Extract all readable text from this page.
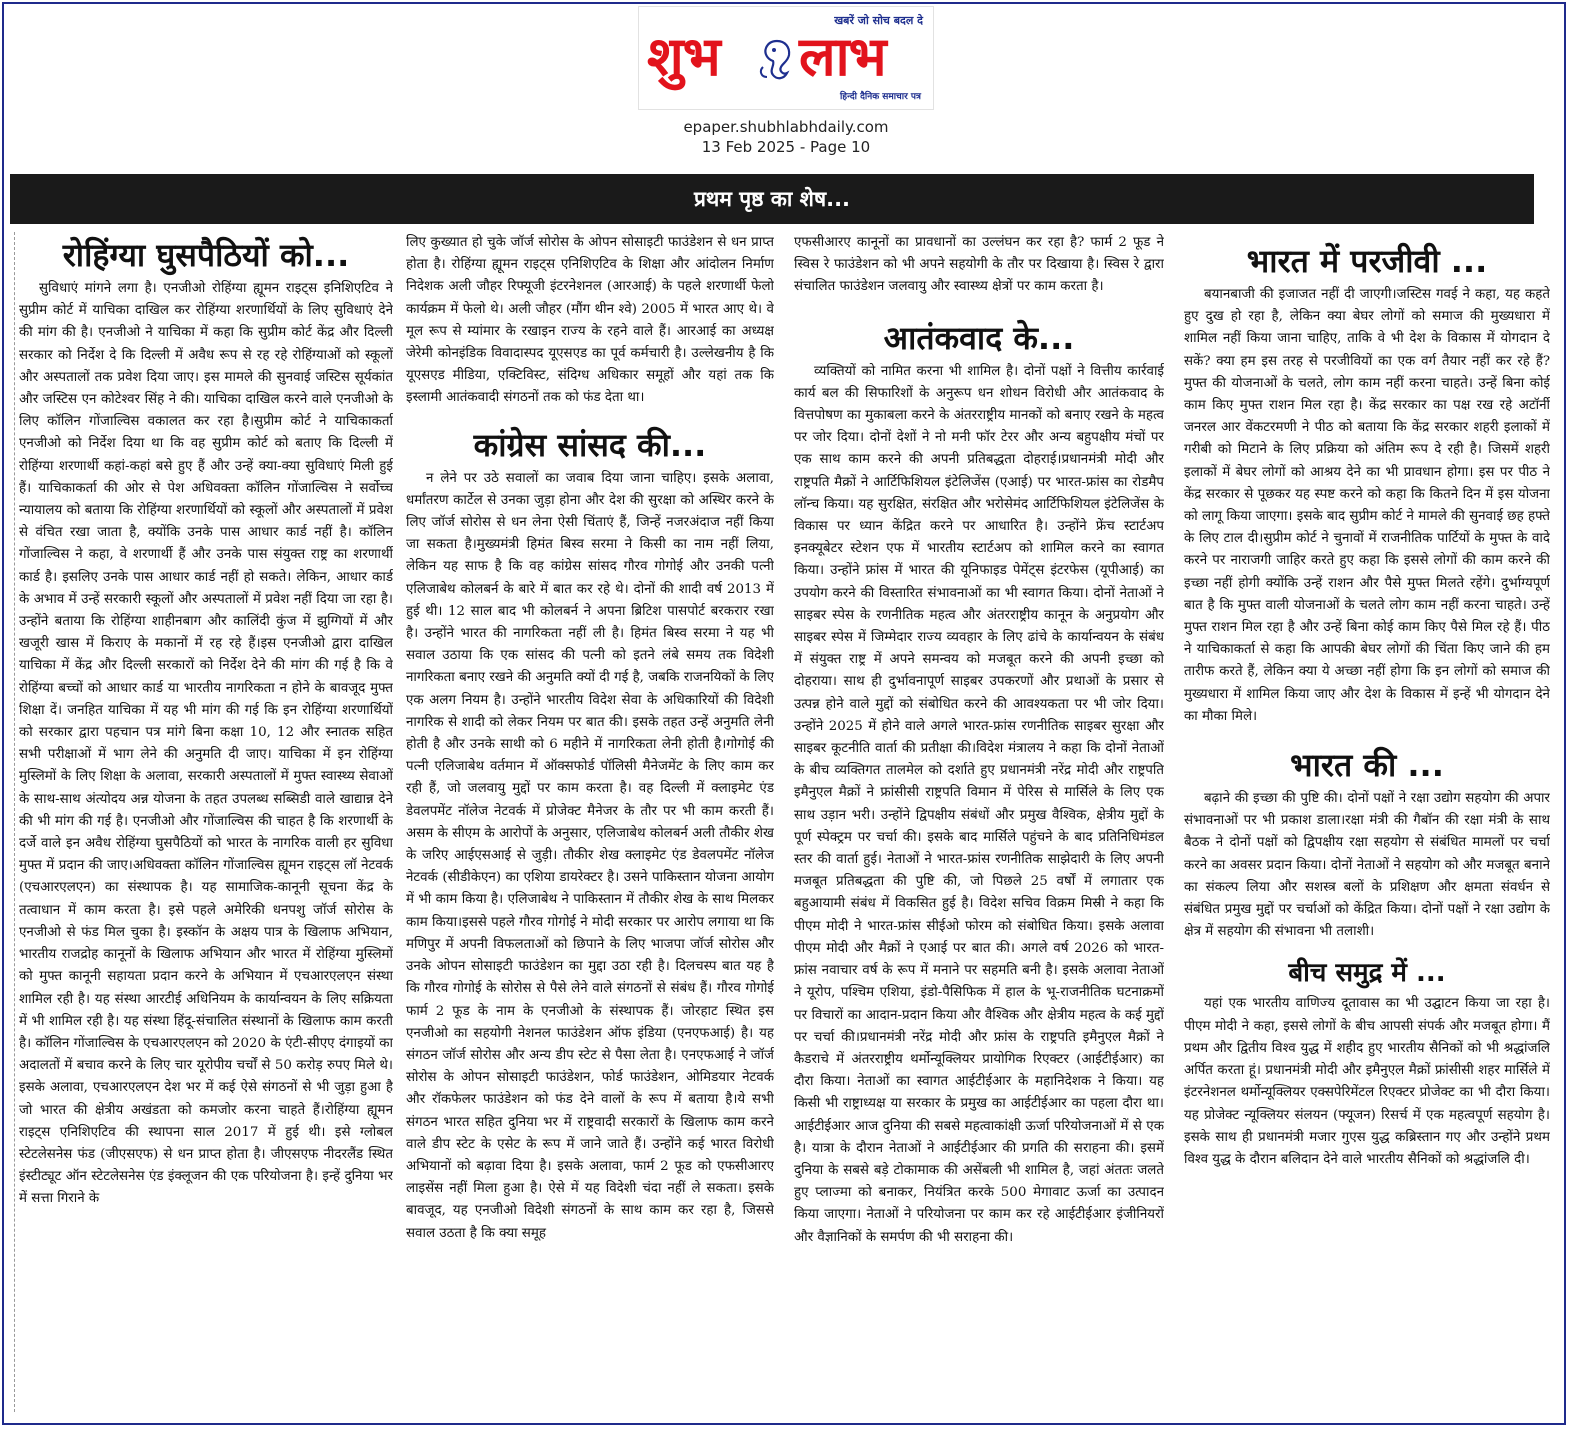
खबरें जो सोच बदल दे
शुभ लाभ
हिन्दी दैनिक समाचार पत्र
epaper.shubhlabhdaily.com
13 Feb 2025 - Page 10
प्रथम पृष्ठ का शेष...
रोहिंग्या घुसपैठियों को...

सुविधाएं मांगने लगा है। एनजीओ रोहिंग्या ह्यूमन राइट्स इनिशिएटिव ने सुप्रीम कोर्ट में याचिका दाखिल कर रोहिंग्या शरणार्थियों के लिए सुविधाएं देने की मांग की है। एनजीओ ने याचिका में कहा कि सुप्रीम कोर्ट केंद्र और दिल्ली सरकार को निर्देश दे कि दिल्ली में अवैध रूप से रह रहे रोहिंग्याओं को स्कूलों और अस्पतालों तक प्रवेश दिया जाए। इस मामले की सुनवाई जस्टिस सूर्यकांत और जस्टिस एन कोटेश्वर सिंह ने की। याचिका दाखिल करने वाले एनजीओ के लिए कॉलिन गोंजाल्विस वकालत कर रहा है।सुप्रीम कोर्ट ने याचिकाकर्ता एनजीओ को निर्देश दिया था कि वह सुप्रीम कोर्ट को बताए कि दिल्ली में रोहिंग्या शरणार्थी कहां-कहां बसे हुए हैं और उन्हें क्या-क्या सुविधाएं मिली हुई हैं। याचिकाकर्ता की ओर से पेश अधिवक्ता कॉलिन गोंजाल्विस ने सर्वोच्च न्यायालय को बताया कि रोहिंग्या शरणार्थियों को स्कूलों और अस्पतालों में प्रवेश से वंचित रखा जाता है, क्योंकि उनके पास आधार कार्ड नहीं है। कॉलिन गोंजाल्विस ने कहा, वे शरणार्थी हैं और उनके पास संयुक्त राष्ट्र का शरणार्थी कार्ड है। इसलिए उनके पास आधार कार्ड नहीं हो सकते। लेकिन, आधार कार्ड के अभाव में उन्हें सरकारी स्कूलों और अस्पतालों में प्रवेश नहीं दिया जा रहा है। उन्होंने बताया कि रोहिंग्या शाहीनबाग और कालिंदी कुंज में झुग्गियों में और खजूरी खास में किराए के मकानों में रह रहे हैं।इस एनजीओ द्वारा दाखिल याचिका में केंद्र और दिल्ली सरकारों को निर्देश देने की मांग की गई है कि वे रोहिंग्या बच्चों को आधार कार्ड या भारतीय नागरिकता न होने के बावजूद मुफ्त शिक्षा दें। जनहित याचिका में यह भी मांग की गई कि इन रोहिंग्या शरणार्थियों को सरकार द्वारा पहचान पत्र मांगे बिना कक्षा 10, 12 और स्नातक सहित सभी परीक्षाओं में भाग लेने की अनुमति दी जाए। याचिका में इन रोहिंग्या मुस्लिमों के लिए शिक्षा के अलावा, सरकारी अस्पतालों में मुफ्त स्वास्थ्य सेवाओं के साथ-साथ अंत्योदय अन्न योजना के तहत उपलब्ध सब्सिडी वाले खाद्यान्न देने की भी मांग की गई है। एनजीओ और गोंजाल्विस की चाहत है कि शरणार्थी के दर्जे वाले इन अवैध रोहिंग्या घुसपैठियों को भारत के नागरिक वाली हर सुविधा मुफ्त में प्रदान की जाए।अधिवक्ता कॉलिन गोंजाल्विस ह्यूमन राइट्स लॉ नेटवर्क (एचआरएलएन) का संस्थापक है। यह सामाजिक-कानूनी सूचना केंद्र के तत्वाधान में काम करता है। इसे पहले अमेरिकी धनपशु जॉर्ज सोरोस के एनजीओ से फंड मिल चुका है। इस्कॉन के अक्षय पात्र के खिलाफ अभियान, भारतीय राजद्रोह कानूनों के खिलाफ अभियान और भारत में रोहिंग्या मुस्लिमों को मुफ्त कानूनी सहायता प्रदान करने के अभियान में एचआरएलएन संस्था शामिल रही है। यह संस्था आरटीई अधिनियम के कार्यान्वयन के लिए सक्रियता में भी शामिल रही है। यह संस्था हिंदू-संचालित संस्थानों के खिलाफ काम करती है। कॉलिन गोंजाल्विस के एचआरएलएन को 2020 के एंटी-सीएए दंगाइयों का अदालतों में बचाव करने के लिए चार यूरोपीय चर्चों से 50 करोड़ रुपए मिले थे। इसके अलावा, एचआरएलएन देश भर में कई ऐसे संगठनों से भी जुड़ा हुआ है जो भारत की क्षेत्रीय अखंडता को कमजोर करना चाहते हैं।रोहिंग्या ह्यूमन राइट्स एनिशिएटिव की स्थापना साल 2017 में हुई थी। इसे ग्लोबल स्टेटलेसनेस फंड (जीएसएफ) से धन प्राप्त होता है। जीएसएफ नीदरलैंड स्थित इंस्टीट्यूट ऑन स्टेटलेसनेस एंड इंक्लूजन की एक परियोजना है। इन्हें दुनिया भर में सत्ता गिराने के

लिए कुख्यात हो चुके जॉर्ज सोरोस के ओपन सोसाइटी फाउंडेशन से धन प्राप्त होता है। रोहिंग्या ह्यूमन राइट्स एनिशिएटिव के शिक्षा और आंदोलन निर्माण निदेशक अली जौहर रिफ्यूजी इंटरनेशनल (आरआई) के पहले शरणार्थी फेलो कार्यक्रम में फेलो थे। अली जौहर (मौंग थीन श्वे) 2005 में भारत आए थे। वे मूल रूप से म्यांमार के रखाइन राज्य के रहने वाले हैं। आरआई का अध्यक्ष जेरेमी कोनइंडिक विवादास्पद यूएसएड का पूर्व कर्मचारी है। उल्लेखनीय है कि यूएसएड मीडिया, एक्टिविस्ट, संदिग्ध अधिकार समूहों और यहां तक कि इस्लामी आतंकवादी संगठनों तक को फंड देता था।

कांग्रेस सांसद की...

न लेने पर उठे सवालों का जवाब दिया जाना चाहिए। इसके अलावा, धर्मांतरण कार्टेल से उनका जुड़ा होना और देश की सुरक्षा को अस्थिर करने के लिए जॉर्ज सोरोस से धन लेना ऐसी चिंताएं हैं, जिन्हें नजरअंदाज नहीं किया जा सकता है।मुख्यमंत्री हिमंत बिस्व सरमा ने किसी का नाम नहीं लिया, लेकिन यह साफ है कि वह कांग्रेस सांसद गौरव गोगोई और उनकी पत्नी एलिजाबेथ कोलबर्न के बारे में बात कर रहे थे। दोनों की शादी वर्ष 2013 में हुई थी। 12 साल बाद भी कोलबर्न ने अपना ब्रिटिश पासपोर्ट बरकरार रखा है। उन्होंने भारत की नागरिकता नहीं ली है। हिमंत बिस्व सरमा ने यह भी सवाल उठाया कि एक सांसद की पत्नी को इतने लंबे समय तक विदेशी नागरिकता बनाए रखने की अनुमति क्यों दी गई है, जबकि राजनयिकों के लिए एक अलग नियम है। उन्होंने भारतीय विदेश सेवा के अधिकारियों की विदेशी नागरिक से शादी को लेकर नियम पर बात की। इसके तहत उन्हें अनुमति लेनी होती है और उनके साथी को 6 महीने में नागरिकता लेनी होती है।गोगोई की पत्नी एलिजाबेथ वर्तमान में ऑक्सफोर्ड पॉलिसी मैनेजमेंट के लिए काम कर रही हैं, जो जलवायु मुद्दों पर काम करता है। वह दिल्ली में क्लाइमेट एंड डेवलपमेंट नॉलेज नेटवर्क में प्रोजेक्ट मैनेजर के तौर पर भी काम करती हैं। असम के सीएम के आरोपों के अनुसार, एलिजाबेथ कोलबर्न अली तौकीर शेख के जरिए आईएसआई से जुड़ी। तौकीर शेख क्लाइमेट एंड डेवलपमेंट नॉलेज नेटवर्क (सीडीकेएन) का एशिया डायरेक्टर है। उसने पाकिस्तान योजना आयोग में भी काम किया है। एलिजाबेथ ने पाकिस्तान में तौकीर शेख के साथ मिलकर काम किया।इससे पहले गौरव गोगोई ने मोदी सरकार पर आरोप लगाया था कि मणिपुर में अपनी विफलताओं को छिपाने के लिए भाजपा जॉर्ज सोरोस और उनके ओपन सोसाइटी फाउंडेशन का मुद्दा उठा रही है। दिलचस्प बात यह है कि गौरव गोगोई के सोरोस से पैसे लेने वाले संगठनों से संबंध हैं। गौरव गोगोई फार्म 2 फूड के नाम के एनजीओ के संस्थापक हैं। जोरहाट स्थित इस एनजीओ का सहयोगी नेशनल फाउंडेशन ऑफ इंडिया (एनएफआई) है। यह संगठन जॉर्ज सोरोस और अन्य डीप स्टेट से पैसा लेता है। एनएफआई ने जॉर्ज सोरोस के ओपन सोसाइटी फाउंडेशन, फोर्ड फाउंडेशन, ओमिडयार नेटवर्क और रॉकफेलर फाउंडेशन को फंड देने वालों के रूप में बताया है।ये सभी संगठन भारत सहित दुनिया भर में राष्ट्रवादी सरकारों के खिलाफ काम करने वाले डीप स्टेट के एसेट के रूप में जाने जाते हैं। उन्होंने कई भारत विरोधी अभियानों को बढ़ावा दिया है। इसके अलावा, फार्म 2 फूड को एफसीआरए लाइसेंस नहीं मिला हुआ है। ऐसे में यह विदेशी चंदा नहीं ले सकता। इसके बावजूद, यह एनजीओ विदेशी संगठनों के साथ काम कर रहा है, जिससे सवाल उठता है कि क्या समूह

एफसीआरए कानूनों का प्रावधानों का उल्लंघन कर रहा है? फार्म 2 फूड ने स्विस रे फाउंडेशन को भी अपने सहयोगी के तौर पर दिखाया है। स्विस रे द्वारा संचालित फाउंडेशन जलवायु और स्वास्थ्य क्षेत्रों पर काम करता है।

आतंकवाद के...

व्यक्तियों को नामित करना भी शामिल है। दोनों पक्षों ने वित्तीय कार्रवाई कार्य बल की सिफारिशों के अनुरूप धन शोधन विरोधी और आतंकवाद के वित्तपोषण का मुकाबला करने के अंतरराष्ट्रीय मानकों को बनाए रखने के महत्व पर जोर दिया। दोनों देशों ने नो मनी फॉर टेरर और अन्य बहुपक्षीय मंचों पर एक साथ काम करने की अपनी प्रतिबद्धता दोहराई।प्रधानमंत्री मोदी और राष्ट्रपति मैक्रों ने आर्टिफिशियल इंटेलिजेंस (एआई) पर भारत-फ्रांस का रोडमैप लॉन्च किया। यह सुरक्षित, संरक्षित और भरोसेमंद आर्टिफिशियल इंटेलिजेंस के विकास पर ध्यान केंद्रित करने पर आधारित है। उन्होंने फ्रेंच स्टार्टअप इनक्यूबेटर स्टेशन एफ में भारतीय स्टार्टअप को शामिल करने का स्वागत किया। उन्होंने फ्रांस में भारत की यूनिफाइड पेमेंट्स इंटरफेस (यूपीआई) का उपयोग करने की विस्तारित संभावनाओं का भी स्वागत किया। दोनों नेताओं ने साइबर स्पेस के रणनीतिक महत्व और अंतरराष्ट्रीय कानून के अनुप्रयोग और साइबर स्पेस में जिम्मेदार राज्य व्यवहार के लिए ढांचे के कार्यान्वयन के संबंध में संयुक्त राष्ट्र में अपने समन्वय को मजबूत करने की अपनी इच्छा को दोहराया। साथ ही दुर्भावनापूर्ण साइबर उपकरणों और प्रथाओं के प्रसार से उत्पन्न होने वाले मुद्दों को संबोधित करने की आवश्यकता पर भी जोर दिया। उन्होंने 2025 में होने वाले अगले भारत-फ्रांस रणनीतिक साइबर सुरक्षा और साइबर कूटनीति वार्ता की प्रतीक्षा की।विदेश मंत्रालय ने कहा कि दोनों नेताओं के बीच व्यक्तिगत तालमेल को दर्शाते हुए प्रधानमंत्री नरेंद्र मोदी और राष्ट्रपति इमैनुएल मैक्रों ने फ्रांसीसी राष्ट्रपति विमान में पेरिस से मार्सिले के लिए एक साथ उड़ान भरी। उन्होंने द्विपक्षीय संबंधों और प्रमुख वैश्विक, क्षेत्रीय मुद्दों के पूर्ण स्पेक्ट्रम पर चर्चा की। इसके बाद मार्सिले पहुंचने के बाद प्रतिनिधिमंडल स्तर की वार्ता हुई। नेताओं ने भारत-फ्रांस रणनीतिक साझेदारी के लिए अपनी मजबूत प्रतिबद्धता की पुष्टि की, जो पिछले 25 वर्षों में लगातार एक बहुआयामी संबंध में विकसित हुई है। विदेश सचिव विक्रम मिस्री ने कहा कि पीएम मोदी ने भारत-फ्रांस सीईओ फोरम को संबोधित किया। इसके अलावा पीएम मोदी और मैक्रों ने एआई पर बात की। अगले वर्ष 2026 को भारत-फ्रांस नवाचार वर्ष के रूप में मनाने पर सहमति बनी है। इसके अलावा नेताओं ने यूरोप, पश्चिम एशिया, इंडो-पैसिफिक में हाल के भू-राजनीतिक घटनाक्रमों पर विचारों का आदान-प्रदान किया और वैश्विक और क्षेत्रीय महत्व के कई मुद्दों पर चर्चा की।प्रधानमंत्री नरेंद्र मोदी और फ्रांस के राष्ट्रपति इमैनुएल मैक्रों ने कैडराचे में अंतरराष्ट्रीय थर्मोन्यूक्लियर प्रायोगिक रिएक्टर (आईटीईआर) का दौरा किया। नेताओं का स्वागत आईटीईआर के महानिदेशक ने किया। यह किसी भी राष्ट्राध्यक्ष या सरकार के प्रमुख का आईटीईआर का पहला दौरा था। आईटीईआर आज दुनिया की सबसे महत्वाकांक्षी ऊर्जा परियोजनाओं में से एक है। यात्रा के दौरान नेताओं ने आईटीईआर की प्रगति की सराहना की। इसमें दुनिया के सबसे बड़े टोकामाक की असेंबली भी शामिल है, जहां अंततः जलते हुए प्लाज्मा को बनाकर, नियंत्रित करके 500 मेगावाट ऊर्जा का उत्पादन किया जाएगा। नेताओं ने परियोजना पर काम कर रहे आईटीईआर इंजीनियरों और वैज्ञानिकों के समर्पण की भी सराहना की।

भारत में परजीवी ...

बयानबाजी की इजाजत नहीं दी जाएगी।जस्टिस गवई ने कहा, यह कहते हुए दुख हो रहा है, लेकिन क्या बेघर लोगों को समाज की मुख्यधारा में शामिल नहीं किया जाना चाहिए, ताकि वे भी देश के विकास में योगदान दे सकें? क्या हम इस तरह से परजीवियों का एक वर्ग तैयार नहीं कर रहे हैं? मुफ्त की योजनाओं के चलते, लोग काम नहीं करना चाहते। उन्हें बिना कोई काम किए मुफ्त राशन मिल रहा है। केंद्र सरकार का पक्ष रख रहे अटॉर्नी जनरल आर वेंकटरमणी ने पीठ को बताया कि केंद्र सरकार शहरी इलाकों में गरीबी को मिटाने के लिए प्रक्रिया को अंतिम रूप दे रही है। जिसमें शहरी इलाकों में बेघर लोगों को आश्रय देने का भी प्रावधान होगा। इस पर पीठ ने केंद्र सरकार से पूछकर यह स्पष्ट करने को कहा कि कितने दिन में इस योजना को लागू किया जाएगा। इसके बाद सुप्रीम कोर्ट ने मामले की सुनवाई छह हफ्ते के लिए टाल दी।सुप्रीम कोर्ट ने चुनावों में राजनीतिक पार्टियों के मुफ्त के वादे करने पर नाराजगी जाहिर करते हुए कहा कि इससे लोगों की काम करने की इच्छा नहीं होगी क्योंकि उन्हें राशन और पैसे मुफ्त मिलते रहेंगे। दुर्भाग्यपूर्ण बात है कि मुफ्त वाली योजनाओं के चलते लोग काम नहीं करना चाहते। उन्हें मुफ्त राशन मिल रहा है और उन्हें बिना कोई काम किए पैसे मिल रहे हैं। पीठ ने याचिकाकर्ता से कहा कि आपकी बेघर लोगों की चिंता किए जाने की हम तारीफ करते हैं, लेकिन क्या ये अच्छा नहीं होगा कि इन लोगों को समाज की मुख्यधारा में शामिल किया जाए और देश के विकास में इन्हें भी योगदान देने का मौका मिले।

भारत की ...

बढ़ाने की इच्छा की पुष्टि की। दोनों पक्षों ने रक्षा उद्योग सहयोग की अपार संभावनाओं पर भी प्रकाश डाला।रक्षा मंत्री की गैबॉन की रक्षा मंत्री के साथ बैठक ने दोनों पक्षों को द्विपक्षीय रक्षा सहयोग से संबंधित मामलों पर चर्चा करने का अवसर प्रदान किया। दोनों नेताओं ने सहयोग को और मजबूत बनाने का संकल्प लिया और सशस्त्र बलों के प्रशिक्षण और क्षमता संवर्धन से संबंधित प्रमुख मुद्दों पर चर्चाओं को केंद्रित किया। दोनों पक्षों ने रक्षा उद्योग के क्षेत्र में सहयोग की संभावना भी तलाशी।

बीच समुद्र में ...

यहां एक भारतीय वाणिज्य दूतावास का भी उद्घाटन किया जा रहा है। पीएम मोदी ने कहा, इससे लोगों के बीच आपसी संपर्क और मजबूत होगा। मैं प्रथम और द्वितीय विश्व युद्ध में शहीद हुए भारतीय सैनिकों को भी श्रद्धांजलि अर्पित करता हूं। प्रधानमंत्री मोदी और इमैनुएल मैक्रों फ्रांसीसी शहर मार्सिले में इंटरनेशनल थर्मोन्यूक्लियर एक्सपेरिमेंटल रिएक्टर प्रोजेक्ट का भी दौरा किया। यह प्रोजेक्ट न्यूक्लियर संलयन (फ्यूजन) रिसर्च में एक महत्वपूर्ण सहयोग है। इसके साथ ही प्रधानमंत्री मजार गुएस युद्ध कब्रिस्तान गए और उन्होंने प्रथम विश्व युद्ध के दौरान बलिदान देने वाले भारतीय सैनिकों को श्रद्धांजलि दी।
